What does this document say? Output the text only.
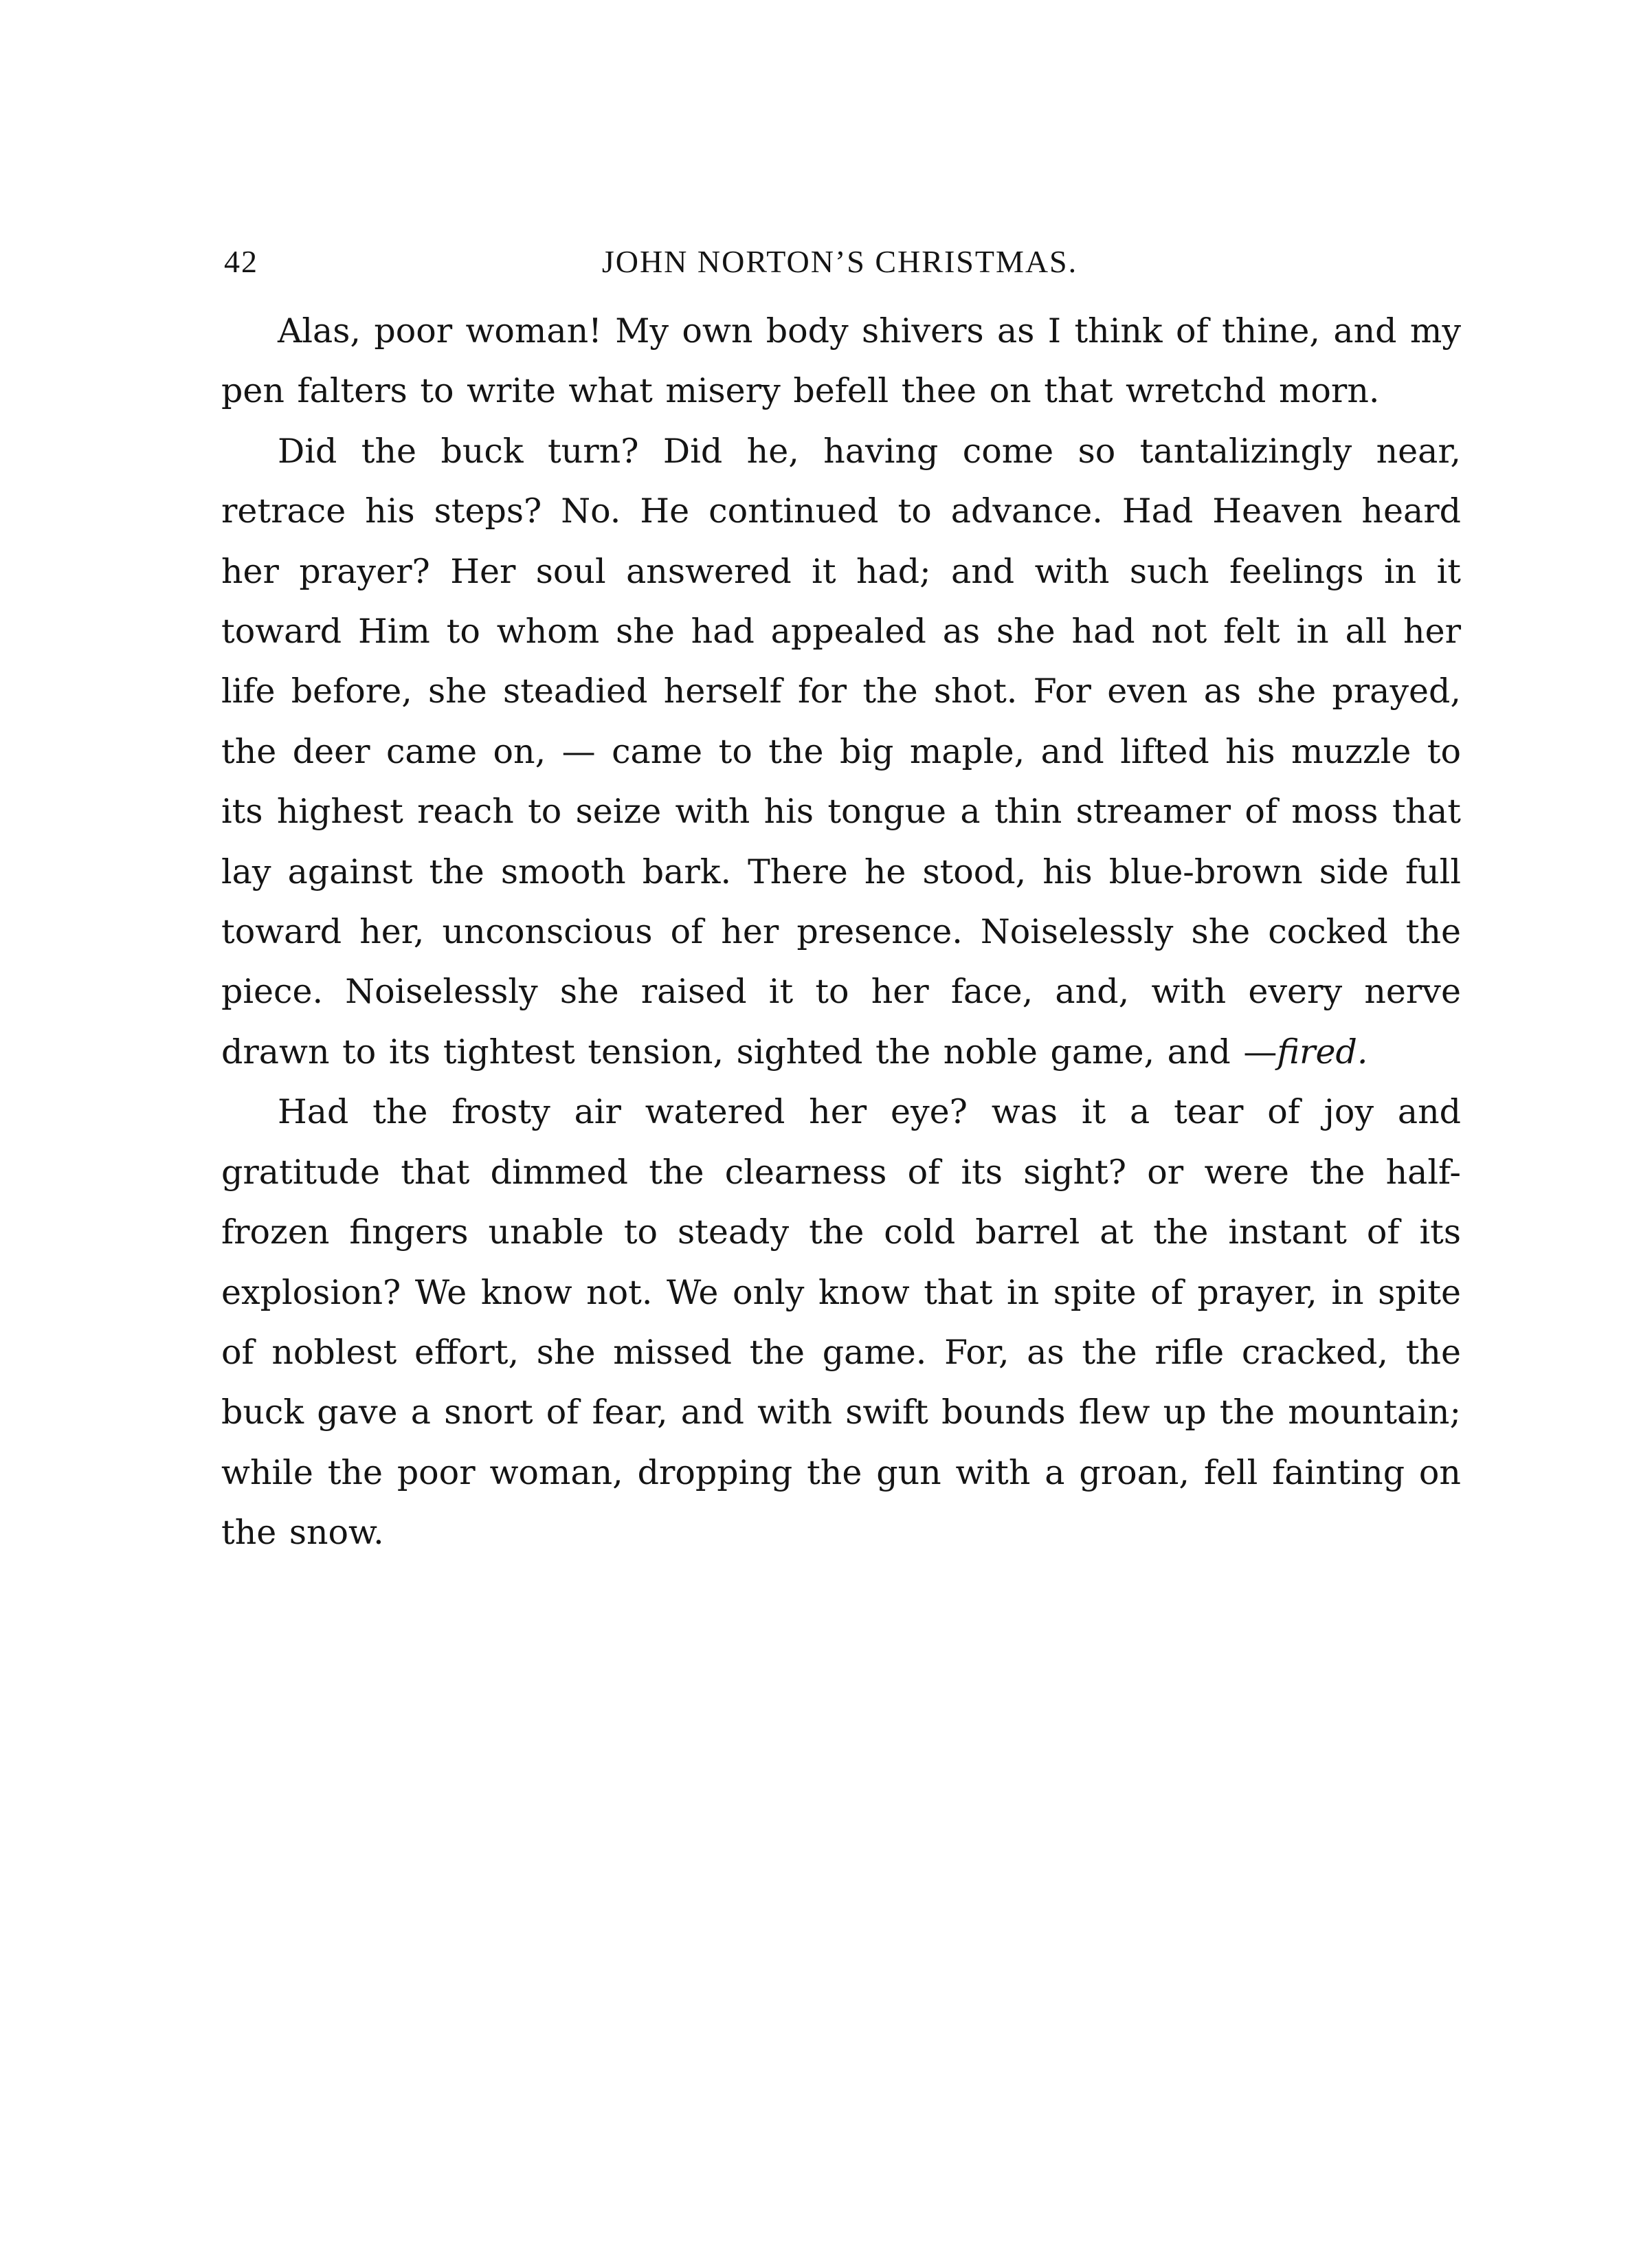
42	JOHN NORTON’S CHRISTMAS.

Alas, poor woman! My own body shivers as I think of thine, and my pen falters to write what misery befell thee on that wretchd morn.

Did the buck turn? Did he, having come so tantalizingly near, retrace his steps? No. He continued to advance. Had Heaven heard her prayer? Her soul answered it had; and with such feelings in it toward Him to whom she had appealed as she had not felt in all her life before, she steadied herself for the shot. For even as she prayed, the deer came on, — came to the big maple, and lifted his muzzle to its highest reach to seize with his tongue a thin streamer of moss that lay against the smooth bark. There he stood, his blue-brown side full toward her, unconscious of her presence. Noiselessly she cocked the piece. Noiselessly she raised it to her face, and, with every nerve drawn to its tightest tension, sighted the noble game, and —fired.

Had the frosty air watered her eye? was it a tear of joy and gratitude that dimmed the clearness of its sight? or were the half-frozen fingers unable to steady the cold barrel at the instant of its explosion? We know not. We only know that in spite of prayer, in spite of noblest effort, she missed the game. For, as the rifle cracked, the buck gave a snort of fear, and with swift bounds flew up the mountain; while the poor woman, dropping the gun with a groan, fell fainting on the snow.
